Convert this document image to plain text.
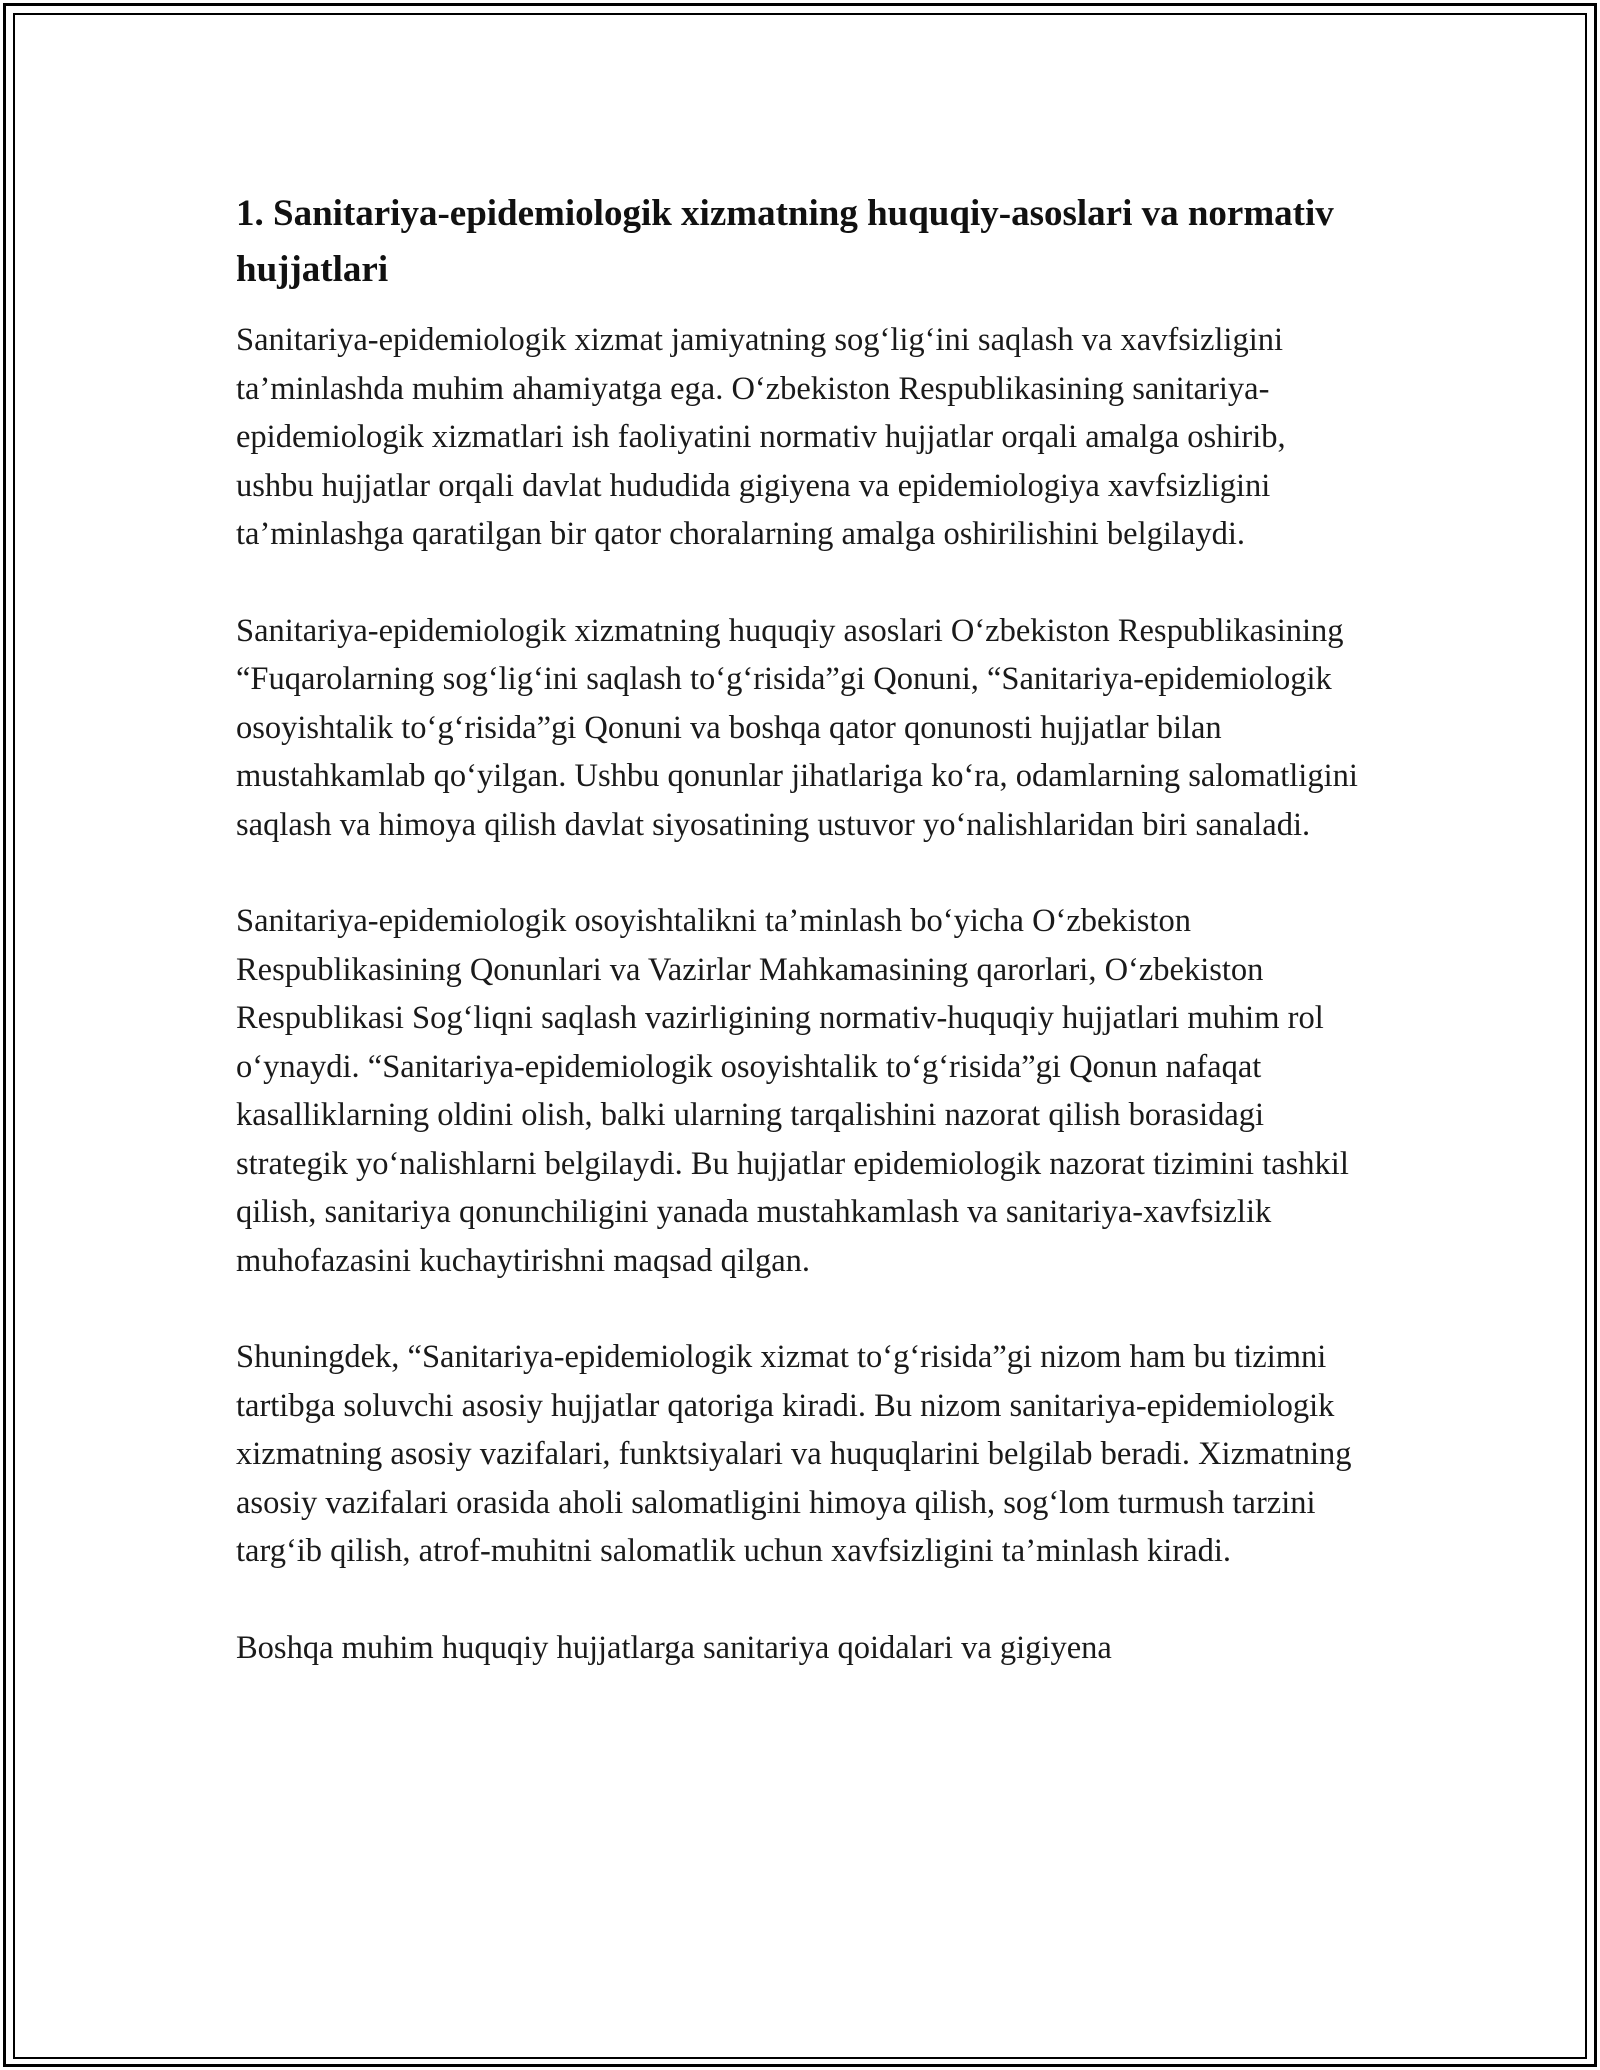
1. Sanitariya-epidemiologik xizmatning huquqiy-asoslari va normativ hujjatlari

Sanitariya-epidemiologik xizmat jamiyatning sog‘lig‘ini saqlash va xavfsizligini ta’minlashda muhim ahamiyatga ega. O‘zbekiston Respublikasining sanitariya-epidemiologik xizmatlari ish faoliyatini normativ hujjatlar orqali amalga oshirib, ushbu hujjatlar orqali davlat hududida gigiyena va epidemiologiya xavfsizligini ta’minlashga qaratilgan bir qator choralarning amalga oshirilishini belgilaydi.

Sanitariya-epidemiologik xizmatning huquqiy asoslari O‘zbekiston Respublikasining “Fuqarolarning sog‘lig‘ini saqlash to‘g‘risida”gi Qonuni, “Sanitariya-epidemiologik osoyishtalik to‘g‘risida”gi Qonuni va boshqa qator qonunosti hujjatlar bilan mustahkamlab qo‘yilgan. Ushbu qonunlar jihatlariga ko‘ra, odamlarning salomatligini saqlash va himoya qilish davlat siyosatining ustuvor yo‘nalishlaridan biri sanaladi.

Sanitariya-epidemiologik osoyishtalikni ta’minlash bo‘yicha O‘zbekiston Respublikasining Qonunlari va Vazirlar Mahkamasining qarorlari, O‘zbekiston Respublikasi Sog‘liqni saqlash vazirligining normativ-huquqiy hujjatlari muhim rol o‘ynaydi. “Sanitariya-epidemiologik osoyishtalik to‘g‘risida”gi Qonun nafaqat kasalliklarning oldini olish, balki ularning tarqalishini nazorat qilish borasidagi strategik yo‘nalishlarni belgilaydi. Bu hujjatlar epidemiologik nazorat tizimini tashkil qilish, sanitariya qonunchiligini yanada mustahkamlash va sanitariya-xavfsizlik muhofazasini kuchaytirishni maqsad qilgan.

Shuningdek, “Sanitariya-epidemiologik xizmat to‘g‘risida”gi nizom ham bu tizimni tartibga soluvchi asosiy hujjatlar qatoriga kiradi. Bu nizom sanitariya-epidemiologik xizmatning asosiy vazifalari, funktsiyalari va huquqlarini belgilab beradi. Xizmatning asosiy vazifalari orasida aholi salomatligini himoya qilish, sog‘lom turmush tarzini targ‘ib qilish, atrof-muhitni salomatlik uchun xavfsizligini ta’minlash kiradi.

Boshqa muhim huquqiy hujjatlarga sanitariya qoidalari va gigiyena
